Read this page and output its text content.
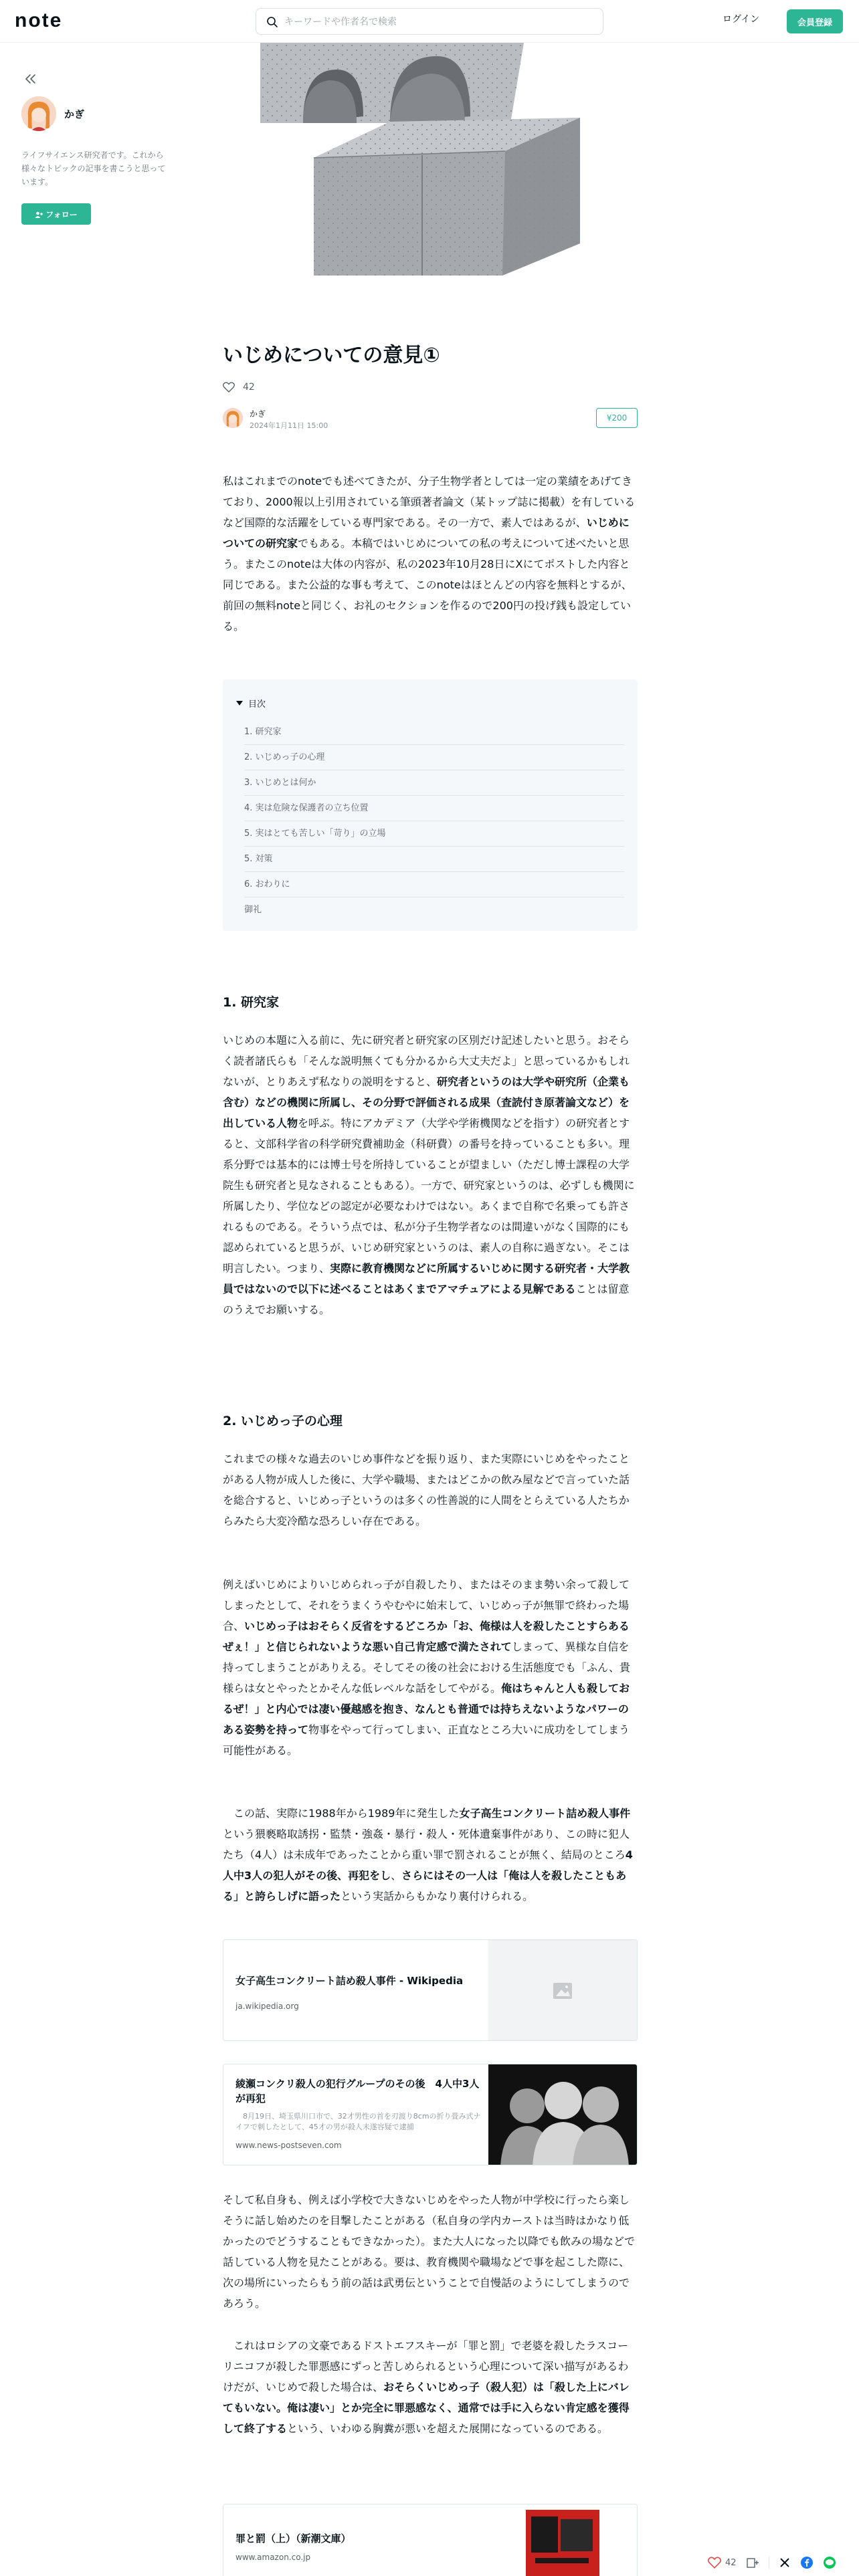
note
キーワードや作者名で検索	ログイン	会員登録
かぎ
ライフサイエンス研究者です。これから様々なトピックの記事を書こうと思っています。
フォロー
いじめについての意見①
42
かぎ
2024年1月11日 15:00
¥200

私はこれまでのnoteでも述べてきたが、分子生物学者としては一定の業績をあげてきており、2000報以上引用されている筆頭著者論文（某トップ誌に掲載）を有しているなど国際的な活躍をしている専門家である。その一方で、素人ではあるが、いじめについての研究家でもある。本稿ではいじめについての私の考えについて述べたいと思う。またこのnoteは大体の内容が、私の2023年10月28日にXにてポストした内容と同じである。また公益的な事も考えて、このnoteはほとんどの内容を無料とするが、前回の無料noteと同じく、お礼のセクションを作るので200円の投げ銭も設定している。

目次
1. 研究家
2. いじめっ子の心理
3. いじめとは何か
4. 実は危険な保護者の立ち位置
5. 実はとても苦しい「苛り」の立場
5. 対策
6. おわりに
御礼
1. 研究家

いじめの本題に入る前に、先に研究者と研究家の区別だけ記述したいと思う。おそらく読者諸氏らも「そんな説明無くても分かるから大丈夫だよ」と思っているかもしれないが、とりあえず私なりの説明をすると、研究者というのは大学や研究所（企業も含む）などの機関に所属し、その分野で評価される成果（査読付き原著論文など）を出している人物を呼ぶ。特にアカデミア（大学や学術機関などを指す）の研究者とすると、文部科学省の科学研究費補助金（科研費）の番号を持っていることも多い。理系分野では基本的には博士号を所持していることが望ましい（ただし博士課程の大学院生も研究者と見なされることもある）。一方で、研究家というのは、必ずしも機関に所属したり、学位などの認定が必要なわけではない。あくまで自称で名乗っても許されるものである。そういう点では、私が分子生物学者なのは間違いがなく国際的にも認められていると思うが、いじめ研究家というのは、素人の自称に過ぎない。そこは明言したい。つまり、実際に教育機関などに所属するいじめに関する研究者・大学教員ではないので以下に述べることはあくまでアマチュアによる見解であることは留意のうえでお願いする。

2. いじめっ子の心理

これまでの様々な過去のいじめ事件などを振り返り、また実際にいじめをやったことがある人物が成人した後に、大学や職場、またはどこかの飲み屋などで言っていた話を総合すると、いじめっ子というのは多くの性善説的に人間をとらえている人たちからみたら大変冷酷な恐ろしい存在である。

例えばいじめによりいじめられっ子が自殺したり、またはそのまま勢い余って殺してしまったとして、それをうまくうやむやに始末して、いじめっ子が無罪で終わった場合、いじめっ子はおそらく反省をするどころか「お、俺様は人を殺したことすらあるぜぇ！」と信じられないような悪い自己肯定感で満たされてしまって、異様な自信を持ってしまうことがありえる。そしてその後の社会における生活態度でも「ふん、貴様らは女とやったとかそんな低レベルな話をしてやがる。俺はちゃんと人も殺しておるぜ！」と内心では凄い優越感を抱き、なんとも普通では持ちえないようなパワーのある姿勢を持って物事をやって行ってしまい、正直なところ大いに成功をしてしまう可能性がある。

　この話、実際に1988年から1989年に発生した女子高生コンクリート詰め殺人事件という猥褻略取誘拐・監禁・強姦・暴行・殺人・死体遺棄事件があり、この時に犯人たち（4人）は未成年であったことから重い罪で罰されることが無く、結局のところ4人中3人の犯人がその後、再犯をし、さらにはその一人は「俺は人を殺したこともある」と誇らしげに語ったという実話からもかなり裏付けられる。

女子高生コンクリート詰め殺人事件 - Wikipedia
ja.wikipedia.org
綾瀬コンクリ殺人の犯行グループのその後　4人中3人が再犯
　8月19日、埼玉県川口市で、32才男性の首を刃渡り8cmの折り畳み式ナイフで刺したとして、45才の男が殺人未遂容疑で逮捕
www.news-postseven.com

そして私自身も、例えば小学校で大きないじめをやった人物が中学校に行ったら楽しそうに話し始めたのを目撃したことがある（私自身の学内カーストは当時はかなり低かったのでどうすることもできなかった）。また大人になった以降でも飲みの場などで話している人物を見たことがある。要は、教育機関や職場などで事を起こした際に、次の場所にいったらもう前の話は武勇伝ということで自慢話のようにしてしまうのであろう。

　これはロシアの文豪であるドストエフスキーが「罪と罰」で老婆を殺したラスコーリニコフが殺した罪悪感にずっと苦しめられるという心理について深い描写があるわけだが、いじめで殺した場合は、おそらくいじめっ子（殺人犯）は「殺した上にバレてもいない。俺は凄い」とか完全に罪悪感なく、通常では手に入らない肯定感を獲得して終了するという、いわゆる胸糞が悪いを超えた展開になっているのである。

罪と罰（上）（新潮文庫）
www.amazon.co.jp
42
